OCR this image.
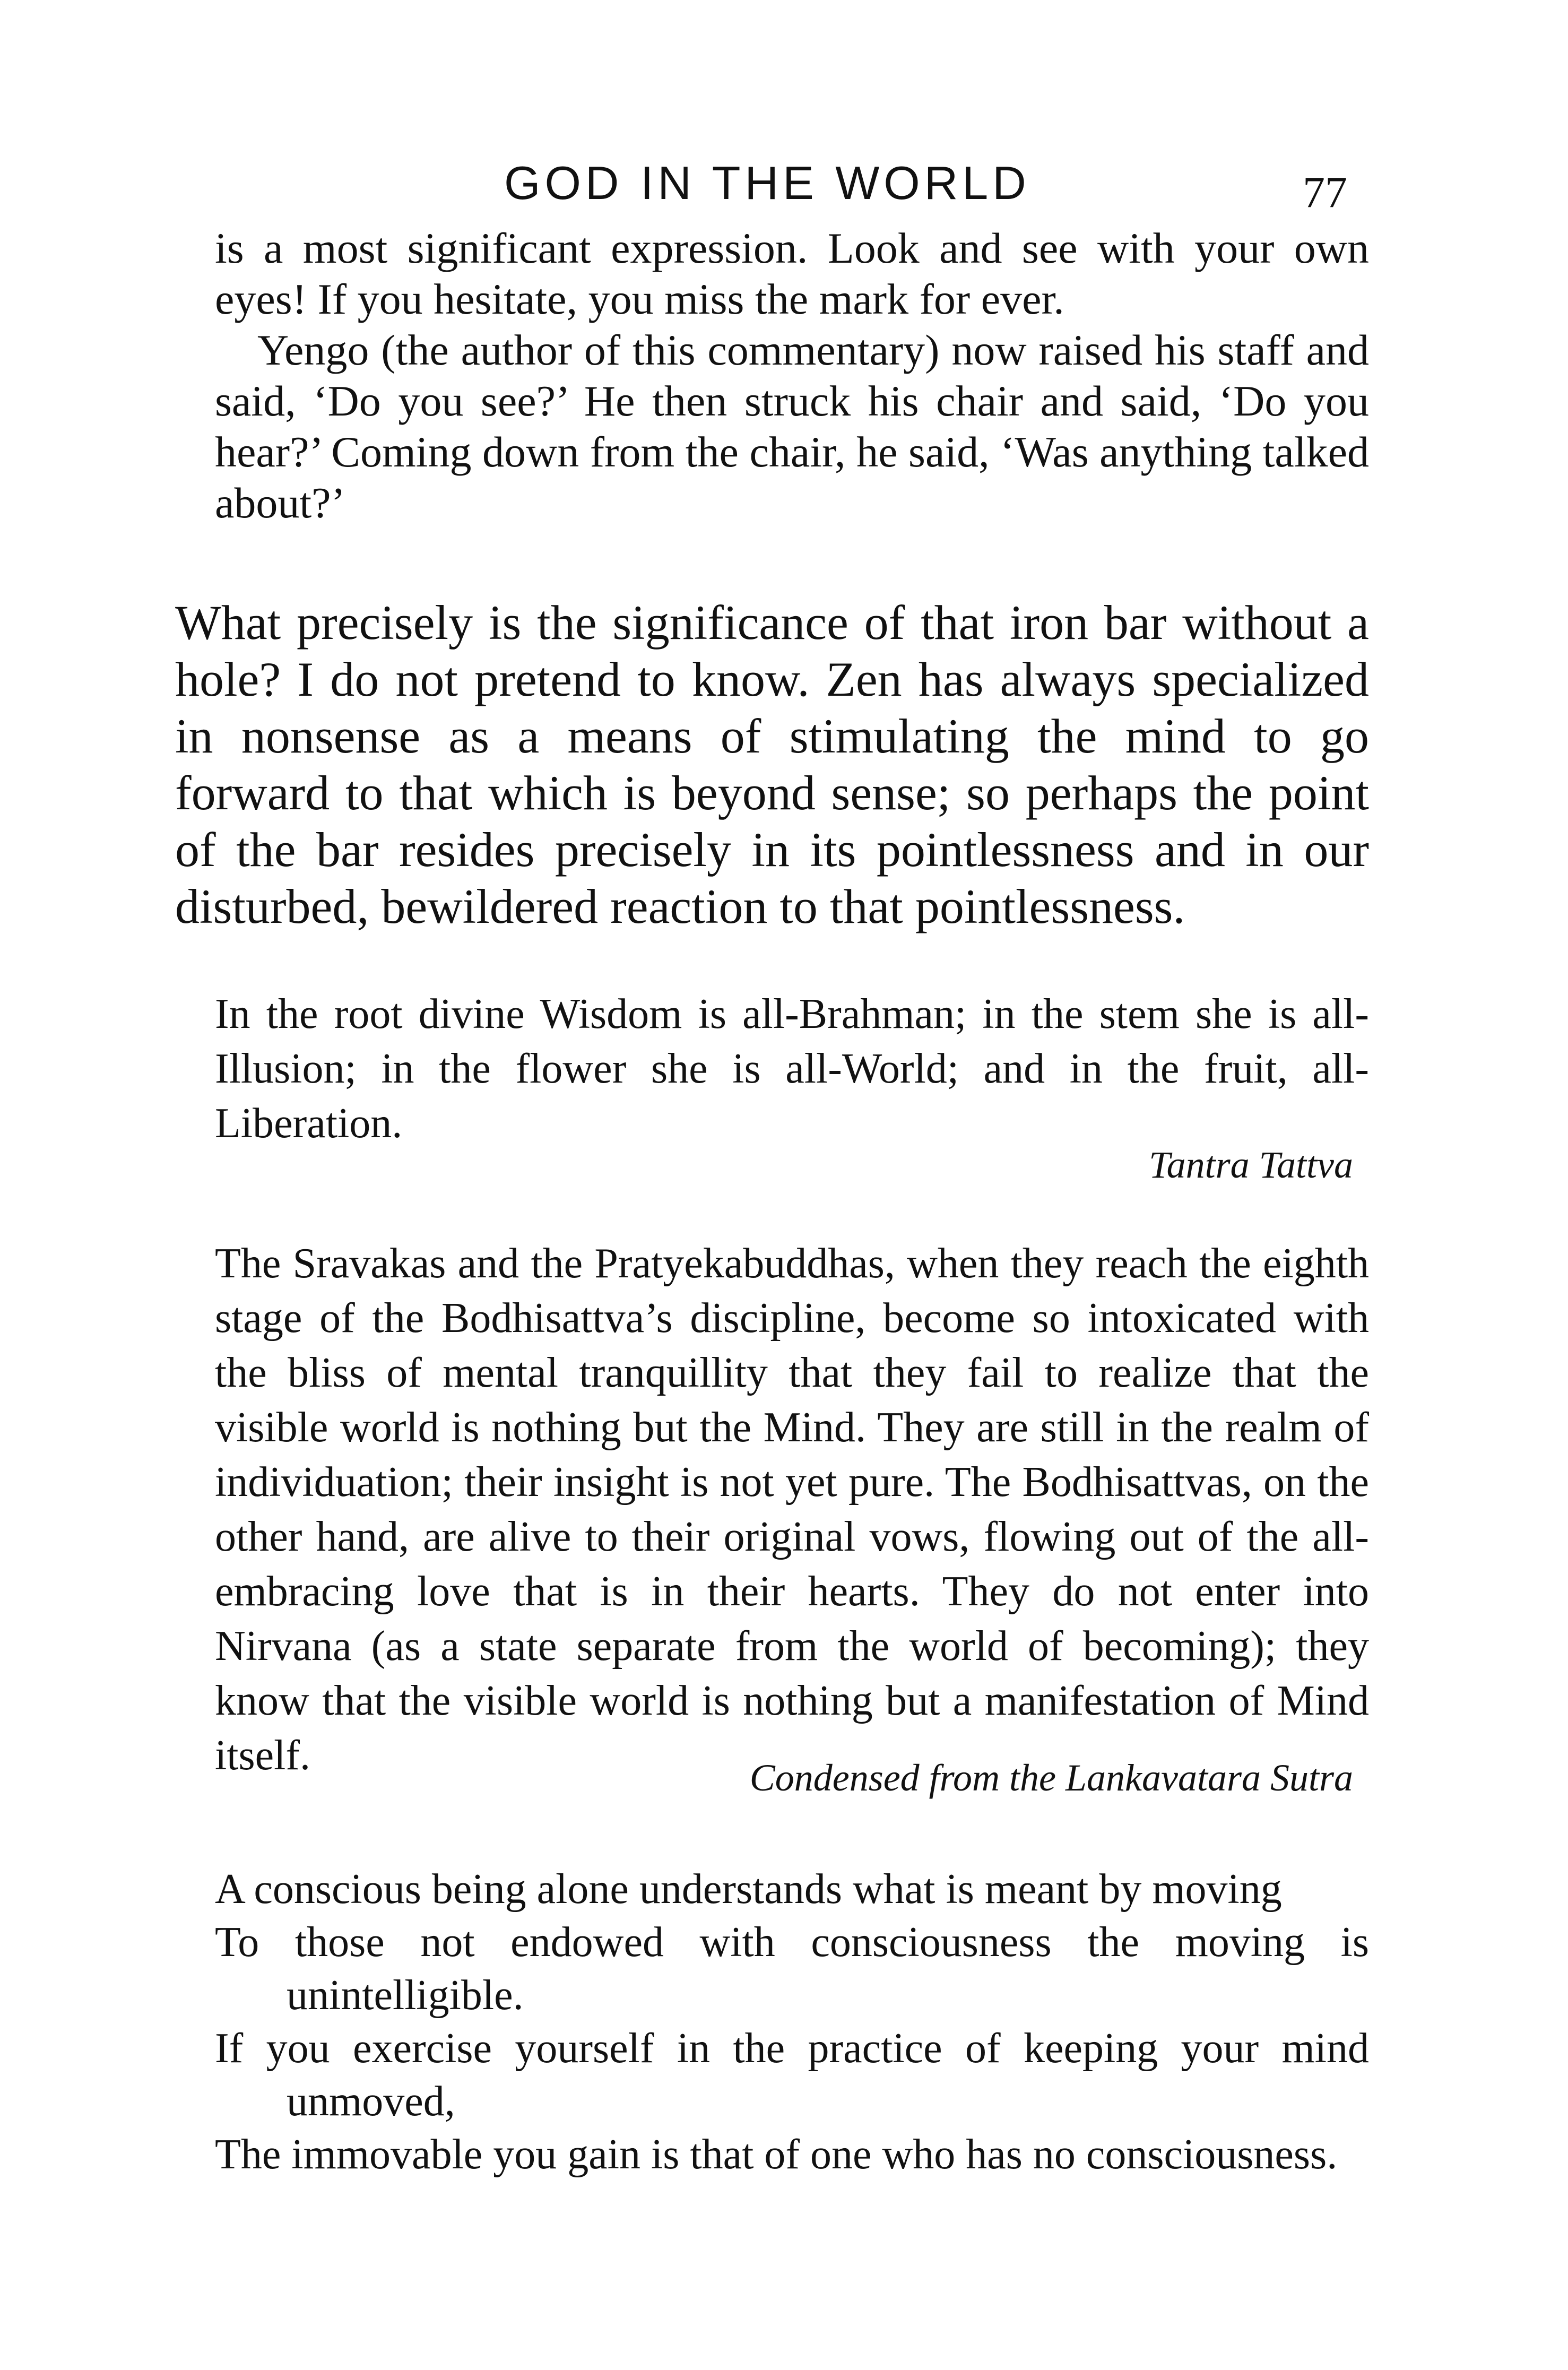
GOD IN THE WORLD	77

is a most significant expression. Look and see with your own eyes! If you hesitate, you miss the mark for ever.

Yengo (the author of this commentary) now raised his staff and said, ‘Do you see?’ He then struck his chair and said, ‘Do you hear?’ Coming down from the chair, he said, ‘Was anything talked about?’

What precisely is the significance of that iron bar without a hole? I do not pretend to know. Zen has always specialized in nonsense as a means of stimulating the mind to go forward to that which is beyond sense; so perhaps the point of the bar resides precisely in its pointlessness and in our disturbed, bewildered reaction to that pointlessness.

In the root divine Wisdom is all-Brahman; in the stem she is all-Illusion; in the flower she is all-World; and in the fruit, all-Liberation.

Tantra Tattva

The Sravakas and the Pratyekabuddhas, when they reach the eighth stage of the Bodhisattva’s discipline, become so intoxicated with the bliss of mental tranquillity that they fail to realize that the visible world is nothing but the Mind. They are still in the realm of individuation; their insight is not yet pure. The Bodhisattvas, on the other hand, are alive to their original vows, flowing out of the all-embracing love that is in their hearts. They do not enter into Nirvana (as a state separate from the world of becoming); they know that the visible world is nothing but a manifestation of Mind itself.	Condensed from the Lankavatara Sutra
A conscious being alone understands what is meant by moving
To those not endowed with consciousness the moving is unintelligible.
If you exercise yourself in the practice of keeping your mind unmoved,
The immovable you gain is that of one who has no consciousness.
